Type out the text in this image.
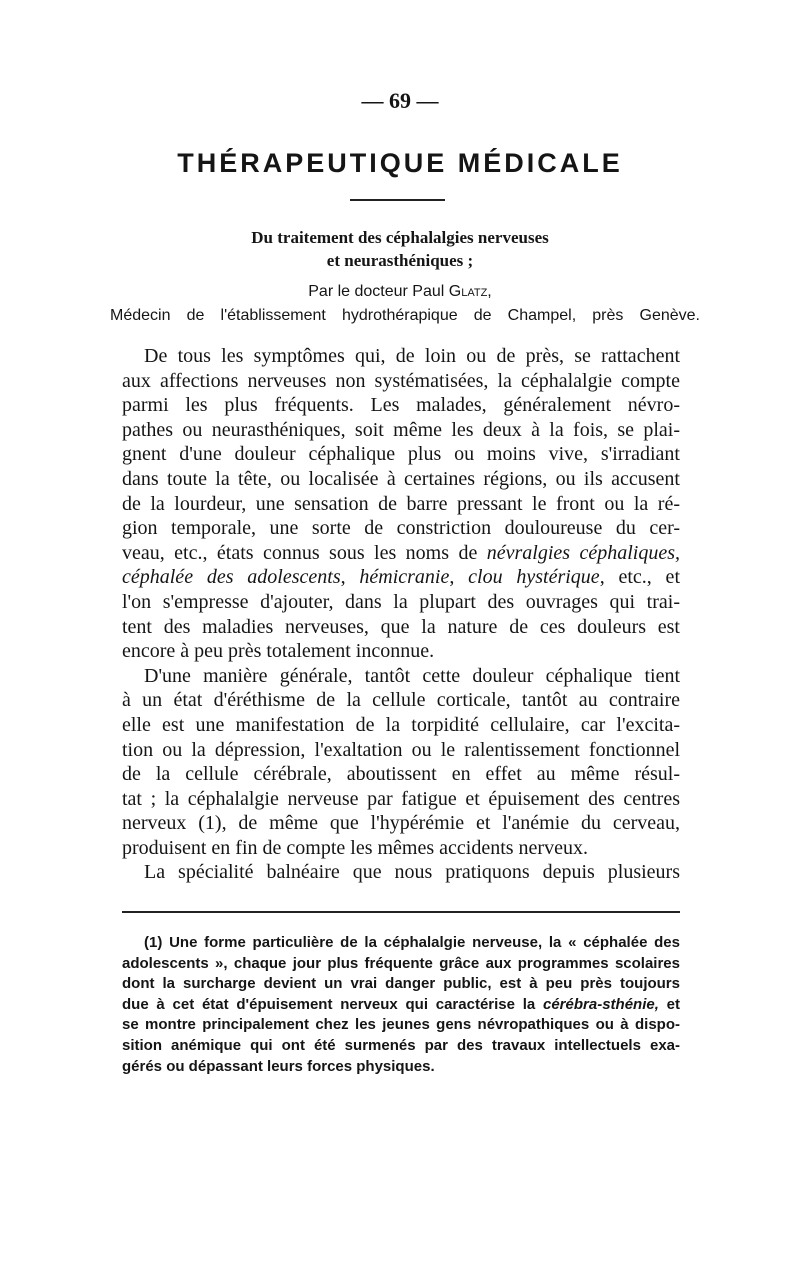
— 69 —
THÉRAPEUTIQUE MÉDICALE
Du traitement des céphalalgies nerveuses
et neurasthéniques ;
Par le docteur Paul Glatz,
Médecin de l'établissement hydrothérapique de Champel, près Genève.
De tous les symptômes qui, de loin ou de près, se rattachent
aux affections nerveuses non systématisées, la céphalalgie compte
parmi les plus fréquents. Les malades, généralement névro-
pathes ou neurasthéniques, soit même les deux à la fois, se plai-
gnent d'une douleur céphalique plus ou moins vive, s'irradiant
dans toute la tête, ou localisée à certaines régions, ou ils accusent
de la lourdeur, une sensation de barre pressant le front ou la ré-
gion temporale, une sorte de constriction douloureuse du cer-
veau, etc., états connus sous les noms de névralgies céphaliques,
céphalée des adolescents, hémicranie, clou hystérique, etc., et
l'on s'empresse d'ajouter, dans la plupart des ouvrages qui trai-
tent des maladies nerveuses, que la nature de ces douleurs est
encore à peu près totalement inconnue.
D'une manière générale, tantôt cette douleur céphalique tient
à un état d'éréthisme de la cellule corticale, tantôt au contraire
elle est une manifestation de la torpidité cellulaire, car l'excita-
tion ou la dépression, l'exaltation ou le ralentissement fonctionnel
de la cellule cérébrale, aboutissent en effet au même résul-
tat ; la céphalalgie nerveuse par fatigue et épuisement des centres
nerveux (1), de même que l'hypérémie et l'anémie du cerveau,
produisent en fin de compte les mêmes accidents nerveux.
La spécialité balnéaire que nous pratiquons depuis plusieurs
(1) Une forme particulière de la céphalalgie nerveuse, la « céphalée des
adolescents », chaque jour plus fréquente grâce aux programmes scolaires
dont la surcharge devient un vrai danger public, est à peu près toujours
due à cet état d'épuisement nerveux qui caractérise la cérébra-sthénie, et
se montre principalement chez les jeunes gens névropathiques ou à dispo-
sition anémique qui ont été surmenés par des travaux intellectuels exa-
gérés ou dépassant leurs forces physiques.
